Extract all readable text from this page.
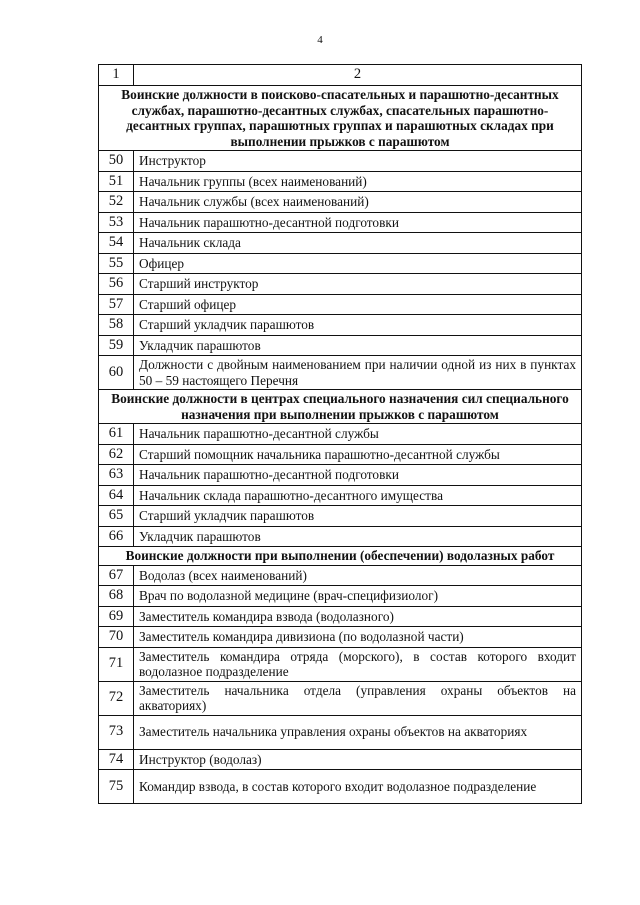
4
1	2
Воинские должности в поисково-спасательных и парашютно-десантных службах, парашютно-десантных службах, спасательных парашютно-десантных группах, парашютных группах и парашютных складах при выполнении прыжков с парашютом	
50	Инструктор
51	Начальник группы (всех наименований)
52	Начальник службы (всех наименований)
53	Начальник парашютно-десантной подготовки
54	Начальник склада
55	Офицер
56	Старший инструктор
57	Старший офицер
58	Старший укладчик парашютов
59	Укладчик парашютов
60	Должности с двойным наименованием при наличии одной из них в пунктах 50 – 59 настоящего Перечня
Воинские должности в центрах специального назначения сил специального назначения при выполнении прыжков с парашютом	
61	Начальник парашютно-десантной службы
62	Старший помощник начальника парашютно-десантной службы
63	Начальник парашютно-десантной подготовки
64	Начальник склада парашютно-десантного имущества
65	Старший укладчик парашютов
66	Укладчик парашютов
Воинские должности при выполнении (обеспечении) водолазных работ	
67	Водолаз (всех наименований)
68	Врач по водолазной медицине (врач-специфизиолог)
69	Заместитель командира взвода (водолазного)
70	Заместитель командира дивизиона (по водолазной части)
71	Заместитель командира отряда (морского), в состав которого входит водолазное подразделение
72	Заместитель начальника отдела (управления охраны объектов на акваториях)
73	Заместитель начальника управления охраны объектов на акваториях
74	Инструктор (водолаз)
75	Командир взвода, в состав которого входит водолазное подразделение
